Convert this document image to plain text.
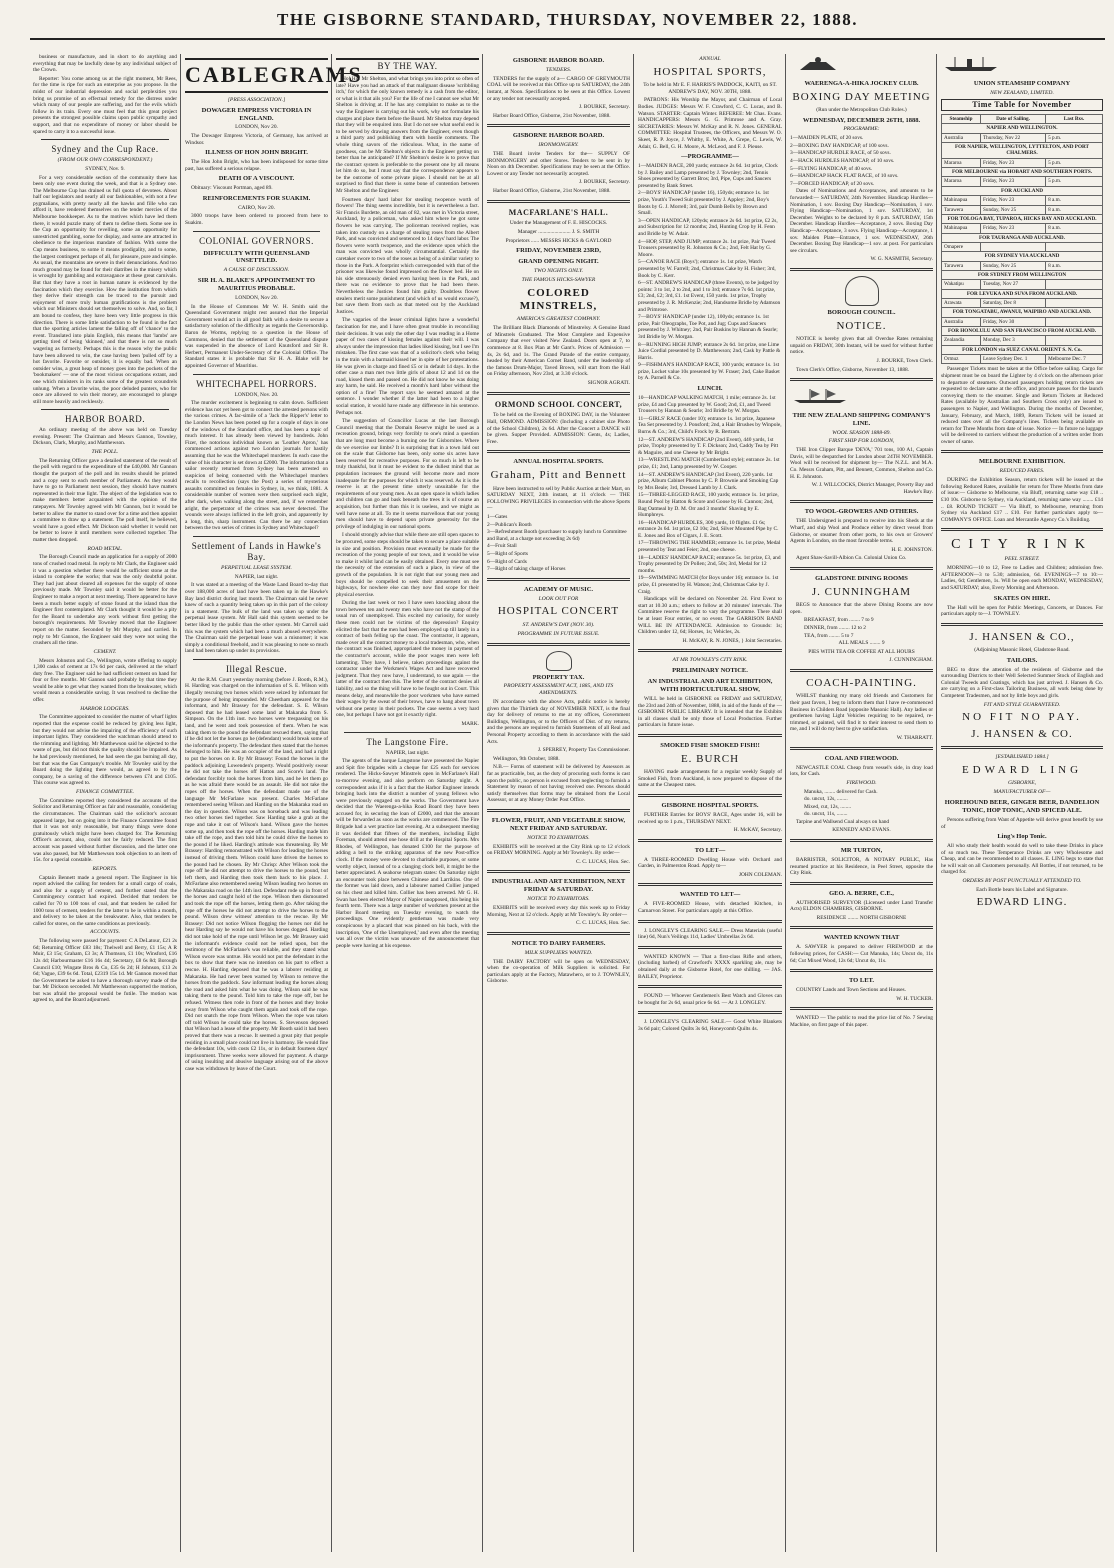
THE GISBORNE STANDARD, THURSDAY, NOVEMBER 22, 1888.

business or manufacture, and in short to do anything and everything that may be lawfully done by any individual subject of the Crown.

Reporter: You come among us at the right moment, Mr Rees, for the time is ripe for such an enterprise as you propose. In the midst of our industrial depression and social perplexities you bring us promise of an effectual remedy for the distress under which many of our people are suffering, and for the evils which follow in its train. Every one must feel that this great project presents the strongest possible claims upon public sympathy and support, and that no expenditure of money or labor should be spared to carry it to a successful issue.

Sydney and the Cup Race.
(FROM OUR OWN CORRESPONDENT.)

SYDNEY, Nov. 9.

For a very considerable section of the community there has been only one event during the week, and that is a Sydney one. The Melbourne Cup has drained us full quota of devotees. About half our legislators and nearly all our fashionables, with not a few pygmalians, with pretty nearly all the hawks and fille who can afford it, have rendered themselves on the tender mercies of the Melbourne bookkeeper. As to the motives which have led them there, it would puzzle many of them to define them. Some see in the Cup an opportunity for revelling, some an opportunity for unrestricted gambling, some for display, and some are attracted in obedience to the imperious mandate of fashion. With some the Cup means business, to some it means prodigality, and to some, the largest contingent perhaps of all, for pleasure, pure and simple. As usual, the mountains are severe in their denunciations. And too much ground may be found for their diatribes in the misery which is wrought by gambling and extravagance at these great carnivals. But that they have a root in human nature is evidenced by the fascination which they exercise. How the institution from which they derive their strength can be traced to the pursuit and enjoyment of more truly human gratifications is the problem which our Ministers should set themselves to solve. And, so far, I am bound to confess, they have been very little progress in this direction. There is some little satisfaction to be found in the fact that the sporting articles lament the falling off of 'chance' to the event. Translated into plain English, this means that 'lambs' are getting tired of being 'skinned,' and that there is not so much wagering as formerly. Perhaps this is the reason why the public have been allowed to win, the case having been 'pulled off' by a hot favorite. Favorite or outsider, it is equally bad. When an outsider wins, a great heap of money goes into the pockets of the 'bookmakers' — one of the most vicious occupations extant, and one which ministers in its ranks some of the greatest scoundrels unhung. When a favorite wins, the poor deluded punters, who for once are allowed to win their money, are encouraged to plunge still more heavily and recklessly.

HARBOR BOARD.

An ordinary meeting of the above was held on Tuesday evening. Present: The Chairman and Messrs Gannon, Townley, Dickson, Clark, Murphy, and Matthewson.

THE POLL.

The Returning Officer gave a detailed statement of the result of the poll with regard to the expenditure of the £40,000. Mr Gannon thought the purport of the poll and its results should be printed and a copy sent to each member of Parliament. As they would have to go to Parliament next session, they should have matters represented in their true light. The object of the legislation was to make members better acquainted with the opinion of the ratepayers. Mr Townley agreed with Mr Gannon, but it would be better to allow the matter to stand over for a time and then appoint a committee to draw up a statement. The poll itself, he believed, would have a good effect. Mr Dickson said whether it would not be better to leave it until members were collected together. The matter then dropped.

ROAD METAL.

The Borough Council made an application for a supply of 2000 tons of crushed road metal. In reply to Mr Clark, the Engineer said it was a question whether there would be sufficient stone at the island to complete the works; that was the only doubtful point. They had just about cleared all expenses for the supply of stone previously made. Mr Townley said it would be better for the Engineer to make a report at next meeting. There appeared to have been a much better supply of stone found at the island than the Engineer first contemplated. Mr Clark thought it would be a pity for the Board to undertake any work without first getting the borough's requirements. Mr Townley moved that the Engineer report on the matter. Seconded by Mr Murphy, and carried. In reply to Mr Gannon, the Engineer said they were not using the crushers all the time.

CEMENT.

Messrs Johnston and Co., Wellington, wrote offering to supply 1,300 casks of cement at 17s 6d per cask, delivered at the wharf duty free. The Engineer said he had sufficient cement on hand for four or five months. Mr Gannon said probably by that time they would be able to get what they wanted from the breakwater, which would mean a considerable saving. It was resolved to decline the offer.

HARBOR LODGERS.

The Committee appointed to consider the matter of wharf lights reported that the expense could be reduced by giving less light, but they would not advise the impairing of the efficiency of such important lights. They considered the watchman should attend to the trimming and lighting. Mr Matthewson said he objected to the waste of gas, but did not think the quality should be impaired. As he had previously mentioned, he had seen the gas burning all day, but that was the Gas Company's trouble. Mr Townley said by the Board doing the lighting there would, as agreed to by the company, be a saving of the difference between £74 and £105. This course was agreed to.

FINANCE COMMITTEE.

The Committee reported they considered the accounts of the Solicitor and Returning Officer as fair and reasonable, considering the circumstances. The Chairman said the solicitor's account appeared large, but on going into it the Finance Committee found that it was not only reasonable, but many things were done gratuitously which might have been charged for. The Returning Officer's account, also, could not be fairly reduced. The first account was passed without further discussion, and the latter one was also passed, but Mr Matthewson took objection to an item of 15s. for a special constable.

REPORTS.

Captain Bennett made a general report. The Engineer in his report advised the calling for tenders for a small cargo of coals, and also for a supply of cement, and further stated that the Commingency contract had expired. Decided that tenders be called for 70 to 100 tons of coal, and that tenders be called for 1000 tons of cement, tenders for the latter to be in within a month, and delivery to be taken at the breakwater. Also, that tenders be called for stores, on the same conditions as previously.

ACCOUNTS.

The following were passed for payment: C A DeLatour, £21 2s 6d; Returning Officer £83 18s; Thelwell and Berry, £1 15s; A R Muir, £3 15s; Graham, £3 3s; A Thomson, £1 10s; Winsford, £16 12s 4d; Harbourmaster £16 16s 4d; Secretary, £8 6s 8d; Borough Council £10; Wingate Bros & Co, £35 6s 2d; H Johnson, £13 2s 6d; Vague, £39 6s 6d. Total, £2319 15s 1d. Mr Gannon moved that the Government be asked to have a thorough survey made of the bar. Mr Dickson seconded. Mr Matthewson supported the motion, but was afraid the proposal would be futile. The motion was agreed to, and the Board adjourned.

CABLEGRAMS
[PRESS ASSOCIATION.]
DOWAGER EMPRESS VICTORIA IN ENGLAND.

LONDON, Nov 20.

The Dowager Empress Victoria, of Germany, has arrived at Windsor.

ILLNESS OF HON JOHN BRIGHT.

The Hon John Bright, who has been indisposed for some time past, has suffered a serious relapse.

DEATH OF A VISCOUNT.

Obituary: Viscount Portman, aged 89.

REINFORCEMENTS FOR SUAKIM.

CAIRO, Nov 20.

3000 troops have been ordered to proceed from here to Suakim.

COLONIAL GOVERNORS.
DIFFICULTY WITH QUEENSLAND UNSETTLED.
A CAUSE OF DISCUSSION.
SIR H. A. BLAKE'S APPOINTMENT TO MAURITIUS PROBABLE.

LONDON, Nov 20.

In the House of Commons Mr W. H. Smith said the Queensland Government might rest assured that the Imperial Government would act in all good faith with a desire to secure a satisfactory solution of the difficulty as regards the Governorship. Baron de Worms, replying to a question in the House of Commons, denied that the settlement of the Queensland dispute was suspended in the absence of Lord Knutsford and Sir R. Herbert, Permanent Under-Secretary of the Colonial Office. The Standard states it is probable that Sir H. A. Blake will be appointed Governor of Mauritius.

WHITECHAPEL HORRORS.

LONDON, Nov. 20.

The murder excitement is beginning to calm down. Sufficient evidence has not yet been got to connect the arrested persons with the various crimes. A fac-simile of a 'Jack the Ripper's' letter to the London News has been posted up for a couple of days in one of the windows of the Standard office, and has been a topic of much interest. It has already been viewed by hundreds. John Fizer, the notorious individual known as 'Leather Apron,' has commenced actions against two London journals for hastily assuming that he was the Whitechapel murderer. In each case the value of his character is set down at £2000. The information that a sailor recently returned from Sydney has been arrested on suspicion of being connected with the Whitechapel murders recalls to recollection (says the Post) a series of mysterious assaults committed on females in Sydney, in, we think, 1881. A considerable number of women were then surprised each night, after dark, when walking along the street, and, if we remember aright, the perpetrator of the crimes was never detected. The wounds were always inflicted in the left groin, and apparently by a long, thin, sharp instrument. Can there be any connection between the two series of crimes in Sydney and Whitechapel?

Settlement of Lands in Hawke's Bay.
PERPETUAL LEASE SYSTEM.

NAPIER, last night.

It was stated at a meeting of the Waste Land Board to-day that over 188,000 acres of land have been taken up in the Hawke's Bay land district during last month. The Chairman said he never knew of such a quantity being taken up in this part of the colony in a statement. The bulk of the land was taken up under the perpetual lease system. Mr Hall said this system seemed to be better liked by the public than the other system. Mr Carroll said this was the system which had been a much abused everywhere. The Chairman said the perpetual lease was a misnomer; it was simply a conditional freehold, and it was pleasing to note so much land had been taken up under its provisions.

Illegal Rescue.

At the R.M. Court yesterday morning (before J. Booth, R.M.), H. Harding was charged on the information of S. E. Wilson with illegally rescuing two horses which were seized by informant for the purpose of being impounded. Mr Cheetham appeared for the informant, and Mr Brassey for the defendant. S. E. Wilson deposed that he had leased some land at Makaraka from S. Simpson. On the 11th inst. two horses were trespassing on his land, and he went and took possession of them. When he was taking them to the pound the defendant rescued them, saying that if he did not let the horses go he (defendant) would break some of the informant's property. The defendant then stated that the horses belonged to him. He was an occupier of the land, and had a right to put the horses on it. By Mr Brassey: Found the horses in the paddock adjoining Lowenden's property. Would positively swear he did not take the horses off Hatton and Score's land. The defendant forcibly took the horses from him, and he let them go as he was afraid there would be an assault. He did not take the ropes off the horses. When the defendant made use of the language Mr McFarlane was present. Charles McFarlane remembered seeing Wilson and Harding on the Makaraka road on the day in question. Wilson was on horseback and was leading two other horses tied together. Saw Harding take a grab at the rope and take it out of Wilson's hand. Wilson gave the horses some up, and then took the rope off the horses. Harding made him take off the rope, and then told him he could drive the horses to the pound if he liked. Harding's attitude was threatening. By Mr Brassey: Harding remonstrated with Wilson for leading the horses instead of driving them. Wilson could have driven the horses to the pound had he chosen. By Mr Chrisp: After Wilson took the rope off he did not attempt to drive the horses to the pound, but left them, and Harding then took them back to his place. J. McFarlane also remembered seeing Wilson leading two horses on the Makaraka road on the 14th inst. Defendant rode up in front of the horses and caught hold of the rope. Wilson then dismounted and took the rope off the horses, letting them go. After taking the rope off the horses he did not attempt to drive the horses to the pound. Wilson drew witness' attention to the rescue. By Mr Brassey: Did not notice Wilson flogging the horses nor did he hear Harding say he would not have his horses dogged. Harding did not take hold of the rope until Wilson let go. Mr Brassey said the informant's evidence could not be relied upon, but the testimony of the McFarlane's was reliable, and they stated what Wilson swore was untrue. His would not put the defendant in the box to show that there was no intention on his part to effect a rescue. H. Harding deposed that he was a laborer residing at Makaraka. He had never been warned by Wilson to remove the horses from the paddock. Saw informant leading the horses along the road and asked him what he was doing. Wilson said he was taking them to the pound. Told him to take the rope off, but he refused. Witness then rode in front of the horses and they broke away from Wilson who caught them again and took off the rope. Did not snatch the rope from Wilson. When the rope was taken off told Wilson he could take the horses. S. Stevenson deposed that Wilson had a lease of the property. Mr Booth said it had been proved that there was a rescue. It seemed a great pity that people residing in a small place could not live in harmony. He would fine the defendant 10s, with costs £2 11s, or in default fourteen days' imprisonment. Three weeks were allowed for payment. A charge of using insulting and abusive language arising out of the above case was withdrawn by leave of the Court.

BY THE WAY.

Ho! Ho! Mr Shelton, and what brings you into print so often of late? Have you had an attack of that malignant disease 'scribbling itch,' for which the only known remedy is a cash from the editor, or what is it that ails you? For the life of me I cannot see what Mr Shelton is driving at. If he has any complaint to make as to the way the Engineer is carrying out his work, why not formulate his charges and place them before the Board. Mr Shelton may depend that they will be enquired into. But I do not see what useful end is to be served by drawing answers from the Engineer, even though a third party and publishing them with hostile comments. The whole thing savors of the ridiculous. What, in the name of goodness, can be Mr Shelton's objects in the Engineer getting on better than he anticipated? If Mr Shelton's desire is to prove that the contract system is preferable to the present one by all means let him do so, but I must say that the correspondence appears to be the outcome of some private pique. I should not be at all surprised to find that there is some bone of contention between Mr Shelton and the Engineer.

Fourteen days' hard labor for stealing twopence worth of flowers! The thing seems incredible, but it is nevertheless a fact. Sir Francis Burdette, an old man of 82, was met in Victoria street, Auckland, by a policeman, who asked him where he got some flowers he was carrying. The policeman received replies, was taken into custody on a charge of stealing roses from the Albert Park, and was convicted and sentenced to 14 days' hard labor. The flowers were worth twopence, and the evidence upon which the man was convicted was wholly circumstantial. Certainly the caretaker swore to two of the roses as being of a similar variety to those in the Park. A footprint which corresponded with that of the prisoner was likewise found impressed on the flower bed. He on his side strenuously denied even having been in the Park, and there was no evidence to prove that he had been there. Nevertheless the Justices found him guilty. Doubtless flower stealers merit some punishment (and which of us would excuse?), but save them from such as that meted out by the Auckland Justices.

The vagaries of the lesser criminal lights have a wonderful fascination for me, and I have often great trouble in reconciling their decisions. It was only the other day I was reading in a Home paper of two cases of kissing females against their will. I was always under the impression that ladies liked kissing, but I see I'm mistaken. The first case was that of a solicitor's clerk who being in the train with a barmaid kissed her in spite of her protestations. He was given in charge and fined £5 or in default 14 days. In the other case a man met two little girls of about 12 and 14 on the road, kissed them and passed on. He did not know he was doing any harm, he said. He received a month's hard labor without the option of a fine! The report says he seemed amazed at the sentence. I wonder whether if the latter had been to a higher social station, it would have made any difference in his sentence. Perhaps not.

The suggestion of Councillor Lucas at the last Borough Council meeting that the Domain Reserve might be used as a recreation ground, brings very forcibly to one's mind a question that are long must become a burning one for Gisbornites. Where do we exercise our limbs? It is surprising that in a town laid out on the scale that Gisborne has been, only some six acres have been reserved for recreative purposes. For so much is left to be truly thankful, but it must be evident to the dullest mind that as population increases the ground will become more and more inadequate for the purposes for which it was reserved. As it is the reserve is at the present time utterly unsuitable for the requirements of our young men. As an open space in which ladies and children can go and bask beneath the trees it is of course an acquisition, but further than this it is useless, and we might as well have none at all. To me it seems marvellous that our young men should have to depend upon private generosity for the privilege of indulging in our national sports.

I should strongly advise that while there are still open spaces to be procured, some steps should be taken to secure a place suitable in size and position. Provision must eventually be made for the recreation of the young people of our town, and it would be wise to make it whilst land can be easily obtained. Every one must see the necessity of the extension of such a place, in view of the growth of the population. It is not right that our young men and boys should be compelled to seek their amusement on the highways, for nowhere else can they now find scope for their physical exercise.

During the last week or two I have seen knocking about the town between ten and twenty men who have not the stamp of the usual run of unemployed. This excited my curiosity, for surely these men could not be victims of the depression? Enquiry elicited the fact that the men had been employed up till lately in a contract of bush felling up the coast. The contractor, it appears, made over all the contract money to a local tradesman, who, when the contract was finished, appropriated the money in payment of the contractor's account, while the poor wages men were left lamenting. They have, I believe, taken proceedings against the contractor under the Workmen's Wages Act and have recovered judgment. That they now have, I understand, to sue again — the latter of the contract then this. The letter of the contract denies all liability, and so the thing will have to be fought out in Court. This means delay, and meanwhile the poor workmen who have earned their wages by the sweat of their brows, have to hang about town without one penny in their pockets. The case seems a very hard one, but perhaps I have not got it exactly right.

MARK.

The Langstone Fire.

NAPIER, last night.

The agents of the barque Langstone have presented the Napier and Spit fire brigades with a cheque for £25 each for services rendered. The Hicks-Sawyer Minstrels open in McFarlane's Hall to-morrow evening, and also perform on Saturday night. A correspondent asks if it is a fact that the Harbor Engineer intends bringing back into the district a number of young fellows who were previously engaged on the works. The Government have decided that the Waerenga-a-hika Road Board they have been accused for, in securing the loan of £2000, and that the amount will be forwarded as soon as the works are commenced. The Fire Brigade had a wet practice last evening. At a subsequent meeting it was decided that fifteen of the members, including Eight Foreman, should attend one hose drill at the Hospital Sports. Mrs Rhodes, of Wellington, has donated £100 for the purpose of adding a bell to the striking apparatus of the new Post-office clock. If the money were devoted to charitable purposes, or some worthy object, instead of to a clanging clock bell, it might be the better appreciated. A seahorse telegram states: On Saturday night an encounter took place between Chinese and Larrikins. One of the former was laid down, and a labourer named Collier jumped on his chest and killed him. Collier has been arrested. Mr G. H. Swan has been elected Mayor of Napier unopposed, this being his fourth term. There was a large number of workmen present at the Harbor Board meeting on Tuesday evening, to watch the proceedings. One evidently gentleman was made very conspicuous by a placard that was pinned on his back, with the inscription, 'One of the Unemployed,' and even after the meeting was all over the victim was unaware of the announcement that people were having at his expense.

GISBORNE HARBOR BOARD.
TENDERS.

TENDERS for the supply of a— CARGO OF GREYMOUTH COAL will be received at this Office up to SATURDAY, the 24th instant, at Noon. Specifications to be seen at this Office. Lowest or any tender not necessarily accepted.

J. BOURKE, Secretary.

Harbor Board Office, Gisborne, 21st November, 1888.

GISBORNE HARBOR BOARD.
IRONMONGERY.

THE Board invite Tenders for the— SUPPLY OF IRONMONGERY and other Stores. Tenders to be sent in by Noon on 4th December. Specifications may be seen at the Office. Lowest or any Tender not necessarily accepted.

J. BOURKE, Secretary.

Harbor Board Office, Gisborne, 21st November, 1888.

MACFARLANE'S HALL.

Under the Management of F. E. HISCOCKS.

Manager ........................ J. S. SMITH

Proprietors ...... MESSRS HICKS & GAYLORD

FRIDAY, NOVEMBER 23RD,
GRAND OPENING NIGHT.
TWO NIGHTS ONLY.
THE FAMOUS HICKS-SAWYER
COLORED MINSTRELS,
AMERICA'S GREATEST COMPANY.

The Brilliant Black Diamonds of Minstrelsy. A Genuine Band of Minstrels Graduated. The Most Complete and Expensive Company that ever visited New Zealand. Doors open at 7, to commence at 8. Box Plan at Mr Gant's. Prices of Admission — 4s, 2s 6d, and 1s. The Grand Parade of the entire company, headed by their American Cornet Band, under the leadership of the famous Drum-Major, Taved Brown, will start from the Hall on Friday afternoon, Nov 23rd, at 3.30 o'clock.

SIGNOR AGRATI.

ORMOND SCHOOL CONCERT,

To be held on the Evening of BOXING DAY, in the Volunteer Hall, ORMOND. ADMISSION: (Including a cabinet size Photo of the School Children), 2s 6d. After the Concert a DANCE will be given. Supper Provided. ADMISSION: Gents, 4s; Ladies, Free.

ANNUAL HOSPITAL SPORTS.
Graham, Pitt and Bennett

Have been instructed to sell by Public Auction at their Mart, on SATURDAY NEXT, 24th instant, at 11 o'clock — THE FOLLOWING PRIVILEGES in connection with the above Sports—

1—Gates
2—Publican's Booth
3—Refreshment Booth (purchaser to supply lunch to Committee and Band, at a charge not exceeding 2s 6d)
4—Fruit Stall
5—Right of Sports
6—Right of Cards
7—Right of taking charge of Horses
ACADEMY OF MUSIC.
LOOK OUT FOR
HOSPITAL CONCERT
ST. ANDREW'S DAY (NOV. 30).
PROGRAMME IN FUTURE ISSUE.
PROPERTY TAX.
PROPERTY ASSESSMENT ACT, 1885, AND ITS AMENDMENTS.

IN accordance with the above Acts, public notice is hereby given that the Thirtieth day of NOVEMBER NEXT, is the final day for delivery of returns to me at my offices, Government Buildings, Wellington, or to the Officers of Dist. of my returns, and the persons are required to furnish Statements of all Real and Personal Property according to them in accordance with the said Acts.

J. SPERREY, Property Tax Commissioner.

Wellington, 9th October, 1888.

N.B.— Forms of statement will be delivered by Assessors as far as practicable, but, as the duty of procuring such forms is cast upon the public, no person is excused from neglecting to furnish a Statement by reason of not having received one. Persons should satisfy themselves that forms may be obtained from the Local Assessor, or at any Money Order Post Office.

FLOWER, FRUIT, AND VEGETABLE SHOW, NEXT FRIDAY AND SATURDAY.
NOTICE TO EXHIBITORS.

EXHIBITS will be received at the City Rink up to 12 o'clock on FRIDAY MORNING. Apply at Mr Townley's. By order—

C. C. LUCAS, Hon. Sec.

INDUSTRIAL AND ART EXHIBITION, NEXT FRIDAY & SATURDAY.
NOTICE TO EXHIBITORS.

EXHIBITS will be received every day this week up to Friday Morning, Next at 12 o'clock. Apply at Mr Townley's. By order—

C. C. LUCAS, Hon. Sec.

NOTICE TO DAIRY FARMERS.
MILK SUPPLIERS WANTED.

THE DAIRY FACTORY will be open on WEDNESDAY, when the co-operation of Milk Suppliers is solicited. For particulars apply at the Factory, Matawhero, or to J. TOWNLEY, Gisborne.

ANNUAL
HOSPITAL SPORTS,

To be held in Mr E. F. HARRIS'S PADDOCK, KAITI, on ST. ANDREW'S DAY, NOV. 30TH, 1888.

PATRONS: His Worship the Mayor, and Chairman of Local Bodies. JUDGES: Messrs W. F. Crawford, C. C. Lucas, and B. Watson. STARTER: Captain Winter. REFEREE: Mr Chas. Evans. HANDICAPPERS: Messrs G. G. Primrose and A. Gray. SECRETARIES: Messrs W. McKay and R. N. Jones. GENERAL COMMITTEE: Hospital Trustees, the Officers, and Messrs W. O. Skeet, R. P. Joyce, J. Whitby, E. White, A. Grepe, C. Lewis, W. Adair, G. Bell, G. H. Moore, A. McLeod, and F. J. Pieuse.

—PROGRAMME—
1—MAIDEN RACE, 200 yards; entrance 2s 6d. 1st prize, Clock by J. Bailey and Lamp presented by J. Townley; 2nd, Tennis Shoes presented by Garrett Bros; 3rd, Pipe, Cups and Saucers presented by Bank Street.
2—BOYS' HANDICAP (under 16), 150yds; entrance 1s. 1st prize, Youth's Tweed Suit presented by J. Appley; 2nd, Boy's Boots by G. J. Morrell; 3rd, pair Dumb Bells by Brown and Small.
3—OPEN HANDICAP, 120yds; entrance 2s 6d. 1st prize, £2 2s, and Subscription for 12 months; 2nd, Hunting Crop by H. Fenn and Bridle by W. Adair.
4—HOP, STEP, AND JUMP; entrance 2s. 1st prize, Pair Tweed Trousers presented by R. Johnston & Co.; 2nd, Felt Hat by G. Moore.
5—CANOE RACE (Boys'); entrance 1s. 1st prize, Watch presented by W. Farrell; 2nd, Christmas Cake by H. Fisher; 3rd, Book by C. Kerr.
6—ST. ANDREW'S HANDICAP (three Events), to be judged by points: 3 to 1st, 2 to 2nd, and 1 to 3rd; entrance 7s 6d. 1st prize, £3; 2nd, £2; 3rd, £1. 1st Event, 150 yards. 1st prize, Trophy presented by J. R. McKenzie; 2nd, Handsome Bridle by Adamson and Primrose.
7—BOYS' HANDICAP (under 12), 100yds; entrance 1s. 1st prize, Pair Oleographs, Toe Pot, and Jug; Cups and Saucers presented by J. Whitney; 2nd, Pair Buskins by Hannan & Searle; 3rd Bridle by W. Morgan.
8—RUNNING HIGH JUMP; entrance 2s 6d. 1st prize, one Lime Juice Cordial presented by D. Matthewson; 2nd, Cask by Pattle & Harris.
9—FISHMAN'S HANDICAP RACE, 100 yards; entrance 1s. 1st prize, Locket value 10s presented by W. Fraser; 2nd, Cake Basket by A. Parnell & Co.
LUNCH.
10—HANDICAP WALKING MATCH, 1 mile; entrance 2s. 1st prize, £4 and Cup presented by W. Good; 2nd, £1, and Tweed Trousers by Hannan & Searle; 3rd Bridle by W. Morgan.
11—GIRLS' RACE (under 10); entrance 1s. 1st prize, Japanese Tea Set presented by J. Ponsford; 2nd, a Hair Brushes by Winpole, Burns & Co.; 3rd, Child's Frock by R. Bertram.
12—ST. ANDREW'S HANDICAP (2nd Event), 440 yards, 1st prize, Trophy presented by T. F. Dickson; 2nd, Caddy Tea by Pitt & Maguire, and one Cheese by Mr Bright.
13—WRESTLING MATCH (Cumberland style); entrance 2s. 1st prize, £1; 2nd, Lamp presented by W. Cooper.
14—ST. ANDREW'S HANDICAP (3rd Event), 220 yards. 1st prize, Album Cabinet Photos by C. P. Brownie and Smoking Cap by Mrs Beale; 3rd, Dressed Lamb by J. Clark.
15—THREE-LEGGED RACE, 100 yards; entrance 1s. 1st prize, Round Pool by Hatton & Score and Goose by H. Cannon; 2nd, Bag Oatmeal by D. M. Orr and 3 months' Shaving by E. Humphreys.
16—HANDICAP HURDLES, 300 yards, 10 flights. £1 6s; entrance 2s 6d. 1st prize, £2 10s; 2nd, Silver Mounted Pipe by C. E. Jones and Box of Cigars, J. E. Scott.
17—THROWING THE HAMMER; entrance 1s. 1st prize, Medal presented by Teat and Feier; 2nd, one cheese.
18—LADIES' HANDICAP RACE; entrance 5s. 1st prize, £3, and Trophy presented by Dr Pollen; 2nd, 50s; 3rd, Medal for 12 months.
19—SWIMMING MATCH (for Boys under 16); entrance 1s. 1st prize, £1 presented by H. Watson; 2nd, Christmas Cake by J. Craig.

Handicaps will be declared on November 24. First Event to start at 10.30 a.m.; others to follow at 20 minutes' intervals. The Committee reserve the right to vary the programme. There shall be at least Four entries, or no event. The GARRISON BAND WILL BE IN ATTENDANCE. Admission to Grounds: 1s; Children under 12, 6d; Horses, 1s; Vehicles, 2s.

H. McKAY, R. N. JONES, } Joint Secretaries.

AT MR TOWNLEY'S CITY RINK.
PRELIMINARY NOTICE.
AN INDUSTRIAL AND ART EXHIBITION, WITH HORTICULTURAL SHOW,

WILL be held in GISBORNE on FRIDAY and SATURDAY, the 23rd and 24th of November, 1888, in aid of the funds of the — GISBORNE PUBLIC LIBRARY. It is intended that the Exhibits in all classes shall be only those of Local Production. Further particulars in future issue.

SMOKED FISH! SMOKED FISH!!
E. BURCH

HAVING made arrangements for a regular weekly Supply of Smoked Fish, from Auckland, is now prepared to dispose of the same at the Cheapest rates.

GISBORNE HOSPITAL SPORTS.

FURTHER Entries for BOYS' RACE, Ages under 16, will be received up to 1 p.m., THURSDAY NEXT.

H. McKAY, Secretary.

TO LET—

A THREE-ROOMED Dwelling House with Orchard and Garden, in Palmerston Road. Apply to—

JOHN COLEMAN.

WANTED TO LET—

A FIVE-ROOMED House, with detached Kitchen, in Carnarvon Street. For particulars apply at this Office.

J. LONGLEY'S CLEARING SALE.— Dress Materials (useful line) 6d, Nun's Veilings 11d, Ladies' Umbrellas 2s 6d.

WANTED KNOWN — That a first-class Rifle and others, (including barbed) of Crawford's XXXX sparkling ale, may be obtained daily at the Gisborne Hotel, for one shilling. — JAS. BAILEY, Proprietor.

FOUND — Whoever Gentlemen's Best Watch and Gloves can be bought for 2s 6d, usual price 6s 6d. — At J. LONGLEY.

J. LONGLEY'S CLEARING SALE.— Good White Blankets 3s 6d pair; Colored Quilts 3s 6d, Honeycomb Quilts 4s.

WAERENGA-A-HIKA JOCKEY CLUB.
BOXING DAY MEETING

(Run under the Metropolitan Club Rules.)

WEDNESDAY, DECEMBER 26TH, 1888.
PROGRAMME:
1—MAIDEN PLATE, of 20 sovs.
2—BOXING DAY HANDICAP, of 100 sovs.
3—HANDICAP HURDLE RACE, of 50 sovs.
4—HACK HURDLES HANDICAP, of 10 sovs.
5—FLYING HANDICAP, of 40 sovs.
6—HANDICAP HACK FLAT RACE, of 10 sovs.
7—FORCED HANDICAP, of 20 sovs.

Dates of Nominations and Acceptances, and amounts to be forwarded:— SATURDAY, 24th November. Handicap Hurdles—Nomination, 1 sov. Boxing Day Handicap—Nomination, 1 sov. Flying Handicap—Nomination, 1 sov. SATURDAY, 1st December. Weights to be declared by 8 p.m. SATURDAY, 15th December. Handicap Hurdles—Acceptance, 2 sovs. Boxing Day Handicap—Acceptance, 3 sovs. Flying Handicap—Acceptance, 1 sov. Maiden Plate—Entrance, 1 sov. WEDNESDAY, 26th December. Boxing Day Handicap—1 sov. at post. For particulars see circulars.

W. G. NASMITH, Secretary.

BOROUGH COUNCIL.
NOTICE.

NOTICE is hereby given that all Overdue Rates remaining unpaid on FRIDAY, 30th Instant, will be sued for without further notice.

J. BOURKE, Town Clerk.

Town Clerk's Office, Gisborne, November 13, 1888.

THE NEW ZEALAND SHIPPING COMPANY'S LINE.
WOOL SEASON 1888-89.
FIRST SHIP FOR LONDON,

THE Iron Clipper Barque 'DEVA,' 701 tons, 100 A1, Captain Davis, will be despatched for London about 24TH NOVEMBER. Wool will be received for shipment by— The N.Z.L. and M.A. Co. Messrs Graham, Pitt, and Bennett, Common, Shelton and Co. H. E. Johnston.

W. J. WILLCOCKS, District Manager, Poverty Bay and Hawke's Bay.

TO WOOL-GROWERS AND OTHERS.

THE Undersigned is prepared to receive into his Sheds at the Wharf, and ship Wool and Produce either by direct vessel from Gisborne, or steamer from other ports, to his own or Growers' Agents in London, on the most favorable terms.

H. E. JOHNSTON.

Agent Shaw-Savill-Albion Co. Colonial Union Co.

GLADSTONE DINING ROOMS
J. CUNNINGHAM

BEGS to Announce that the above Dining Rooms are now open.

BREAKFAST, from ........ 7 to 9
DINNER, from ........ 12 to 2
TEA, from ........ 5 to 7

ALL MEALS ........ 9

PIES WITH TEA OR COFFEE AT ALL HOURS

J. CUNNINGHAM.

COACH-PAINTING.

WHILST thanking my many old friends and Customers for their past favors, I beg to inform them that I have re-commenced Business in Childers Road (opposite Masonic Hall). Any ladies or gentlemen having Light Vehicles requiring to be repaired, re-trimmed, or painted, will find it to their interest to send them to me, and I will do my best to give satisfaction.

W. THARRATT.

COAL AND FIREWOOD.

NEWCASTLE COAL Cheap from vessel's side, in dray load lots, for Cash.

FIREWOOD.
Manuka, ........ delivered for Cash.
do. uncut, 12s, ........
Mixed, cut, 12s, ........
do. uncut, 11s, ........

Tarpine and Wallsend Coal always on hand

KENNEDY AND EVANS.

MR TURTON,

BARRISTER, SOLICITOR, & NOTARY PUBLIC, Has resumed practice at his Residence, in Peel Street, opposite the City Rink.

GEO. A. BERRE, C.E.,

AUTHORISED SURVEYOR (Licensed under Land Transfer Acts) ELDON CHAMBERS, GISBORNE.

RESIDENCE ........ NORTH GISBORNE

WANTED KNOWN THAT

A. SAWYER is prepared to deliver FIREWOOD at the following prices, for CASH:— Cut Manuka, 14s; Uncut do, 11s 6d; Cut Mixed Wood, 12s 6d; Uncut do, 11s.

TO LET.

COUNTRY Lands and Town Sections and Houses.

W. H. TUCKER.

WANTED — The public to read the price list of No. 7 Sewing Machine, on first page of this paper.

UNION STEAMSHIP COMPANY
NEW ZEALAND, LIMITED.
Time Table for November
Steamship	Date of Sailing.	Last Bxs.
NAPIER AND WELLINGTON.		
Australia	Thursday, Nov 22	5 p.m.
FOR NAPIER, WELLINGTON, LYTTELTON, AND PORT CHALMERS.		
Mararoa	Friday, Nov 23	5 p.m.
FOR MELBOURNE via HOBART AND SOUTHERN PORTS.		
Mararoa	Friday, Nov 23	5 p.m.
FOR AUCKLAND		
Mahinapua	Friday, Nov 23	8 a.m.
Tarawera	Sunday, Nov 25	8 a.m.
FOR TOLOGA BAY, TUPAROA, HICKS BAY AND AUCKLAND.		
Mahinapua	Friday, Nov 23	8 a.m.
FOR TAURANGA AND AUCKLAND.		
Omapere		
FOR SYDNEY VIA AUCKLAND		
Tarawera	Sunday, Nov 25	8 a.m.
FOR SYDNEY FROM WELLINGTON		
Wakatipu	Tuesday, Nov 27	
FOR LEVUKA AND SUVA FROM AUCKLAND.		
Arawata	Saturday, Dec 8	
FOR TONGATABU, AWANUI, WAIPIRO AND AUCKLAND.		
Australia	Friday, Nov 30	
FOR HONOLULU AND SAN FRANCISCO FROM AUCKLAND.		
Zealandia	Monday, Dec 3	
FOR LONDON via SUEZ CANAL ORIENT S. N. Co.		
Ormuz	Leave Sydney Dec. 1	Melbourne Dec. 7

Passenger Tickets must be taken at the Office before sailing. Cargo for shipment must be on board the Lighter by 4 o'clock on the afternoon prior to departure of steamers. Outward passengers holding return tickets are requested to declare same at the office, and procure passes for the launch conveying them to the steamer. Single and Return Tickets at Reduced Rates (available by Australian and Southern Cross only) are issued to passengers to Napier, and Wellington. During the months of December, January, February, and March, 1889, Return Tickets will be issued at reduced rates over all the Company's lines. Tickets being available on return for Three Months from date of issue. Notice — In future no luggage will be delivered to carriers without the production of a written order from owner of same.

MELBOURNE EXHIBITION.
REDUCED FARES.

DURING the Exhibition Season, return tickets will be issued at the following Reduced Rates, available for return for Three Months from date of issue:— Gisborne to Melbourne, via Bluff, returning same way £18 .. £10 10s. Gisborne to Sydney, via Auckland, returning same way ........ £14 .. £8. ROUND TICKET — Via Bluff, to Melbourne, returning from Sydney via Auckland £17 .. £10. For further particulars apply to— COMPANY'S OFFICE. Loan and Mercantile Agency Co.'s Building.

CITY RINK
PEEL STREET.

MORNING—10 to 12, Free to Ladies and Children; admission free. AFTERNOON—3 to 5.30; admission, 6d. EVENINGS—7 to 10:—Ladies, 6d; Gentlemen, 1s. Will be open each MONDAY, WEDNESDAY, and SATURDAY; also, Every Morning and Afternoon.

SKATES ON HIRE.

The Hall will be open for Public Meetings, Concerts, or Dances. For particulars apply to—J. TOWNLEY.

J. HANSEN & CO.,

(Adjoining Masonic Hotel, Gladstone Road.

TAILORS.

BEG to draw the attention of the residents of Gisborne and the surrounding Districts to their Well Selected Summer Stock of English and Colonial Tweeds and Coatings, which has just arrived. J. Hansen & Co. are carrying on a First-class Tailoring Business, all work being done by Competent Tradesmen, and not by little boys and girls.

FIT AND STYLE GUARANTEED.
NO FIT NO PAY.
J. HANSEN & CO.
[ESTABLISHED 1884.]
EDWARD LING
GISBORNE,
MANUFACTURER OF—
HOREHOUND BEER, GINGER BEER, DANDELION TONIC, HOP TONIC, AND SPICED ALE.

Persons suffering from Want of Appetite will derive great benefit by use of

Ling's Hop Tonic.

All who study their health would do well to take these Drinks in place of so much tea. These Temperance Drinks are very Wholesome and Cheap, and can be recommended to all classes. E. LING begs to state that he will wait on all Customers personally. All Bottles, if not returned, to be charged for.

ORDERS BY POST PUNCTUALLY ATTENDED TO.

Each Bottle bears his Label and Signature.

EDWARD LING.
